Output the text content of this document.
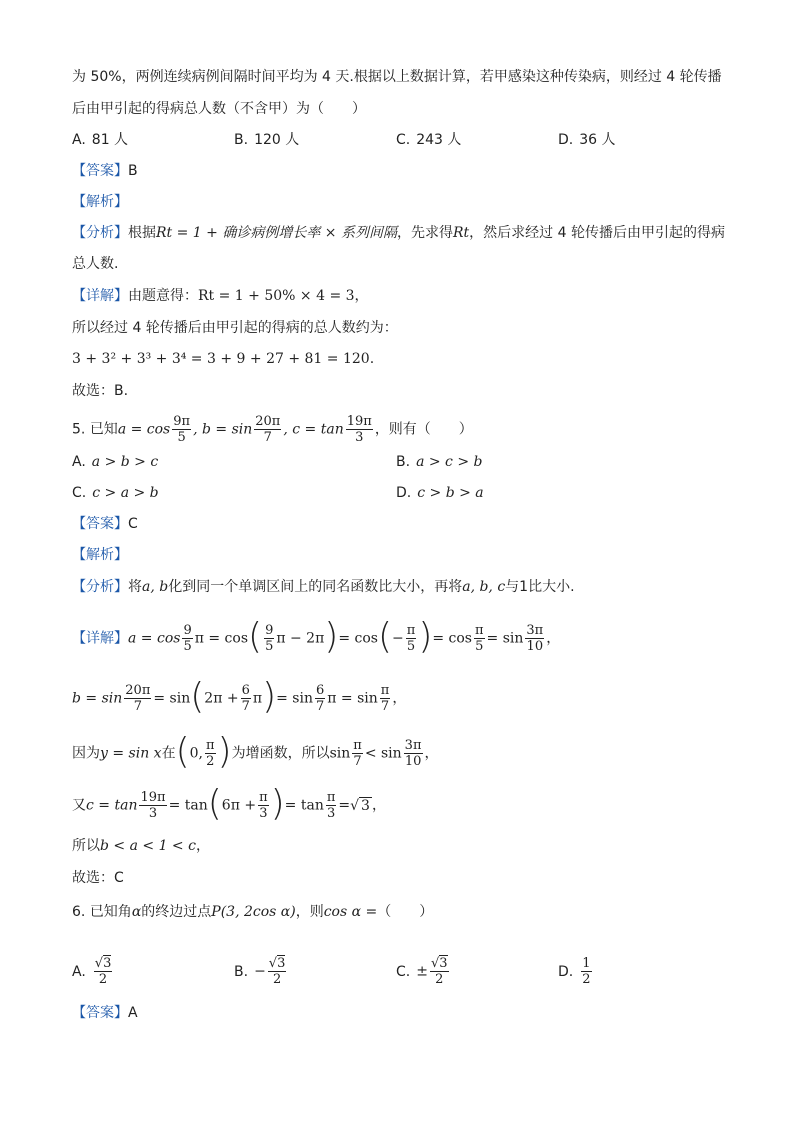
为 50%，两例连续病例间隔时间平均为 4 天.根据以上数据计算，若甲感染这种传染病，则经过 4 轮传播
后由甲引起的得病总人数（不含甲）为（　　）
A. 81 人	B. 120 人	C. 243 人	D. 36 人
【答案】B
【解析】
【分析】根据Rt = 1 + 确诊病例增长率 × 系列间隔，先求得Rt，然后求经过 4 轮传播后由甲引起的得病
总人数.
【详解】由题意得：Rt = 1 + 50% × 4 = 3，
所以经过 4 轮传播后由甲引起的得病的总人数约为：
3 + 3² + 3³ + 3⁴ = 3 + 9 + 27 + 81 = 120.
故选：B.
5. 已知$a = \cos \frac{9\pi}{5}$ , $b = \sin \frac{20\pi}{7}$ , $c = \tan \frac{19\pi}{3}$ ，则有（　　）
A. a > b > c	B. a > c > b
C. c > a > b	D. c > b > a
【答案】C
【解析】
【分析】将a, b化到同一个单调区间上的同名函数比大小，再将a, b, c与1比大小.
【详解】$a = \cos \frac{9}{5}$ $\pi = \cos( \frac{9}{5}$ $\pi - 2\pi)= \cos(- \frac{\pi}{5}$ )= $\cos \frac{\pi}{5} = \sin \frac{3\pi}{10}$ ，
$b = \sin \frac{20\pi}{7} = \sin(2\pi + \frac{6}{7} \pi)= \sin \frac{6}{7}$ $\pi = \sin \frac{\pi}{7}$ ，
因为y = sin x在(0, $\frac{\pi}{2}$ )为增函数，所以$\sin \frac{\pi}{7} < \sin \frac{3\pi}{10}$ ，
又$c = \tan \frac{19\pi}{3} = \tan(6\pi + \frac{\pi}{3}$ )= $\tan \frac{\pi}{3}$ =√ 3 ，
所以b < a < 1 < c，
故选：C
6. 已知角α的终边过点P(3, 2cos α)，则cos α =（　　）
A. $\frac{√3}{2}$	B. − $\frac{√3}{2}$	C. ± $\frac{√3}{2}$	D. $\frac{1}{2}$
【答案】A
